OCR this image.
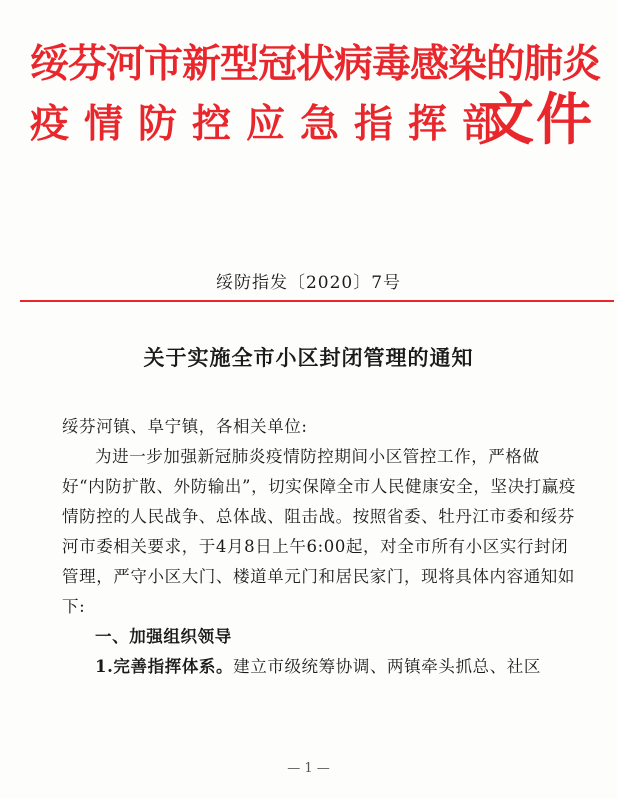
绥芬河市新型冠状病毒感染的肺炎
疫情防控应急指挥部
文件
绥防指发〔2020〕7号
关于实施全市小区封闭管理的通知

绥芬河镇、阜宁镇，各相关单位:

为进一步加强新冠肺炎疫情防控期间小区管控工作，严格做好“内防扩散、外防输出”，切实保障全市人民健康安全，坚决打赢疫情防控的人民战争、总体战、阻击战。按照省委、牡丹江市委和绥芬河市委相关要求，于4月8日上午6:00起，对全市所有小区实行封闭管理，严守小区大门、楼道单元门和居民家门，现将具体内容通知如下:

一、加强组织领导

1.完善指挥体系。建立市级统筹协调、两镇牵头抓总、社区

— 1 —
